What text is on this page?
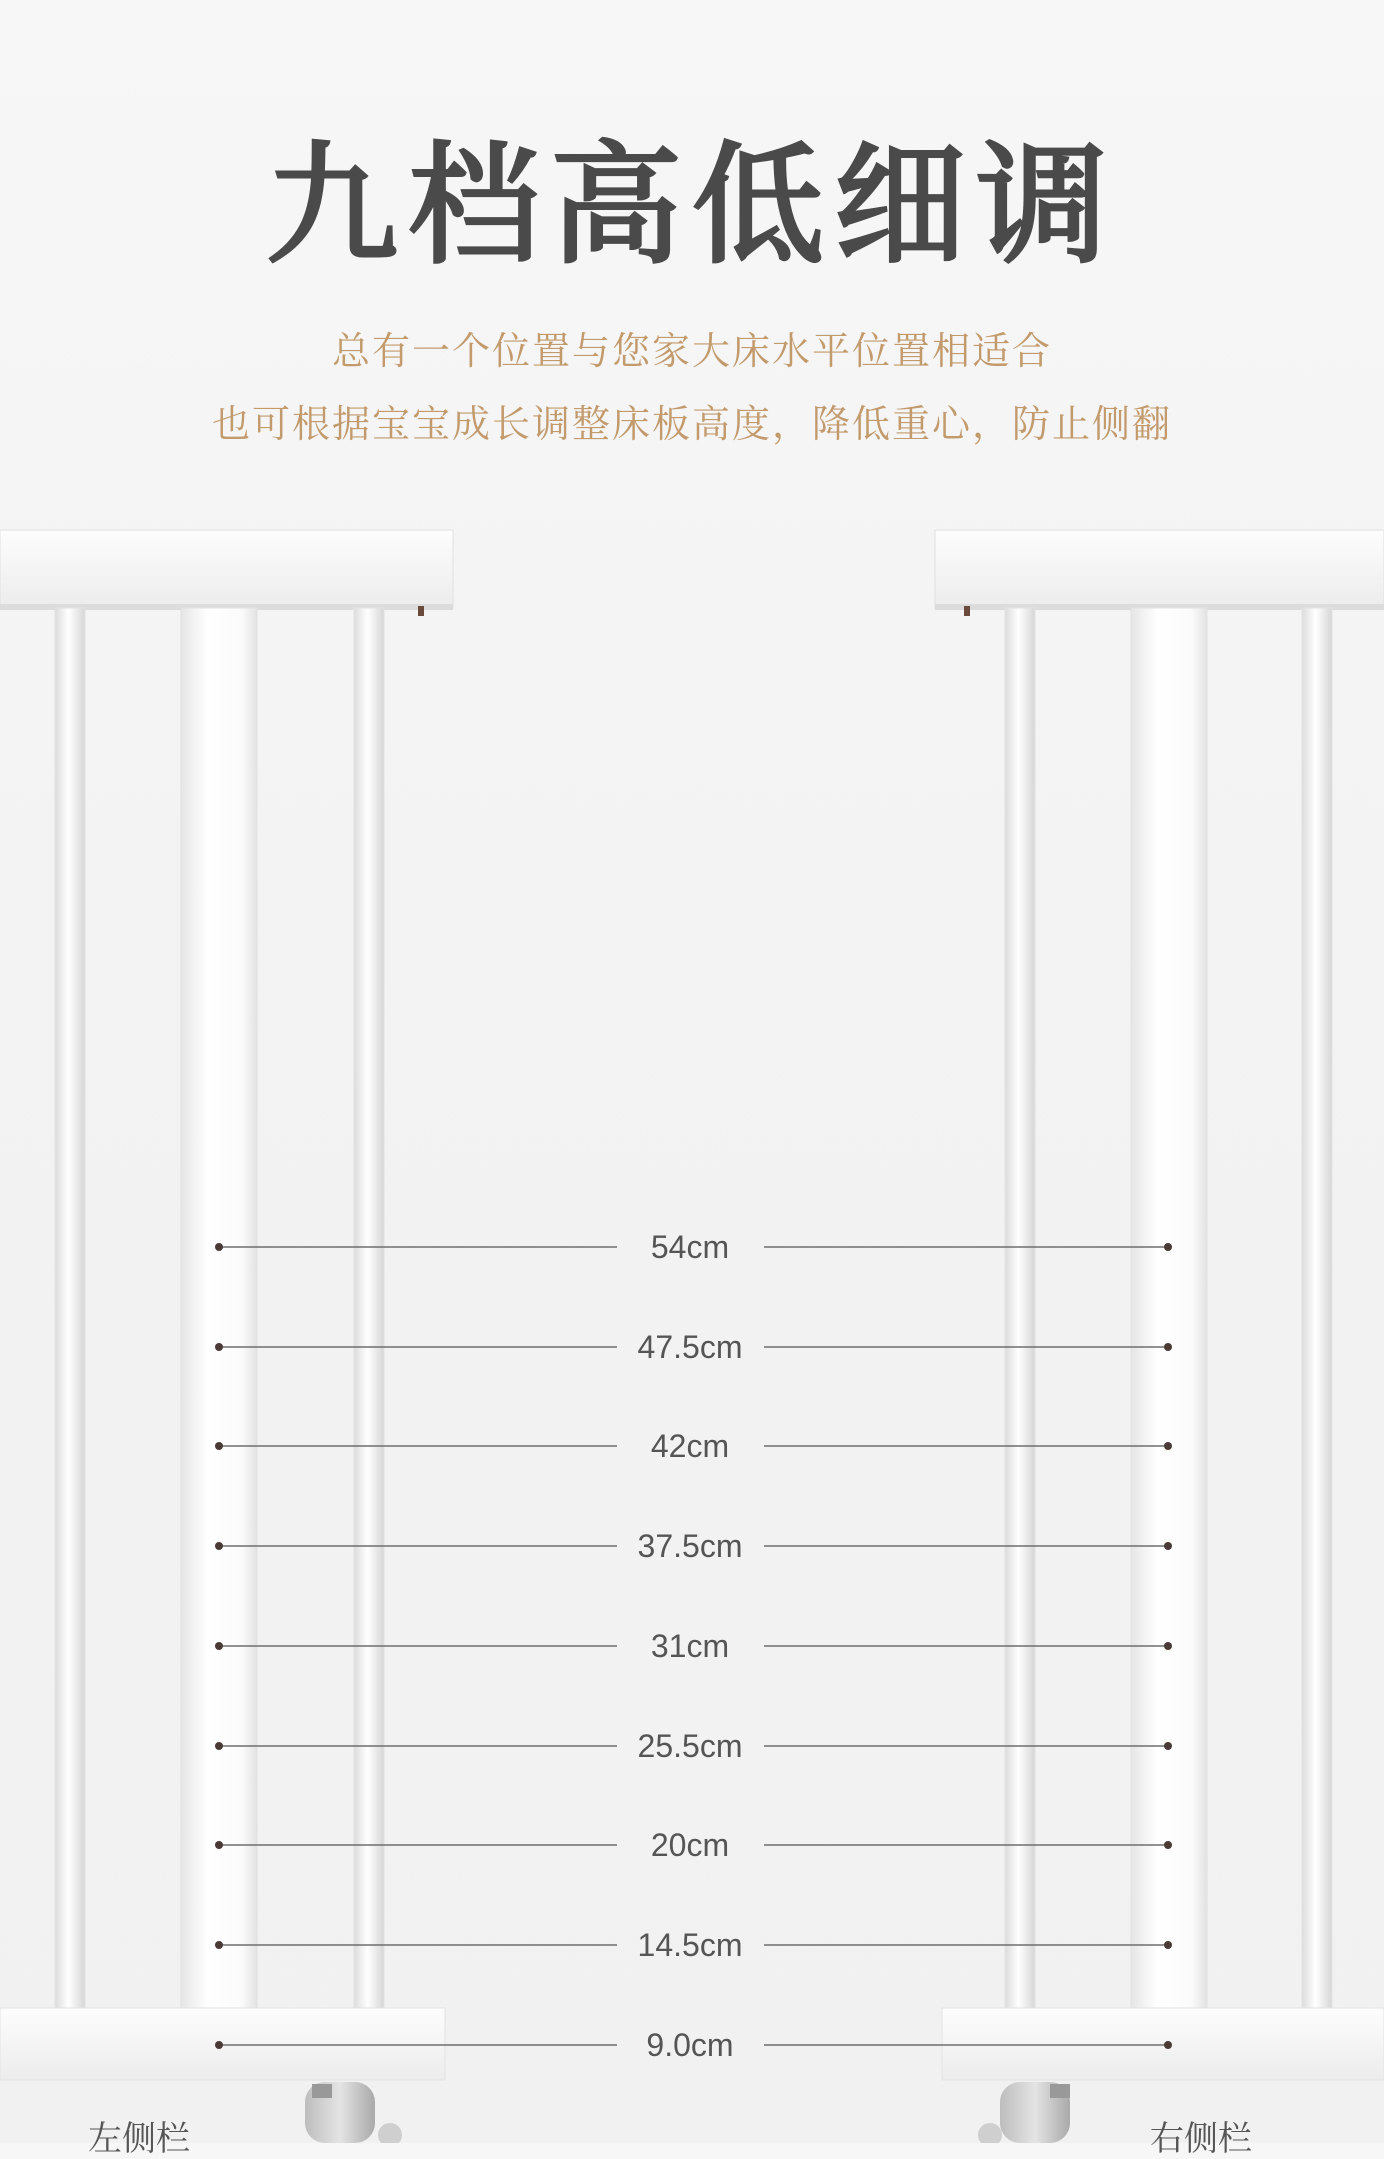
九档高低细调
总有一个位置与您家大床水平位置相适合
也可根据宝宝成长调整床板高度，降低重心，防止侧翻
54cm
47.5cm
42cm
37.5cm
31cm
25.5cm
20cm
14.5cm
9.0cm
左侧栏	右侧栏
